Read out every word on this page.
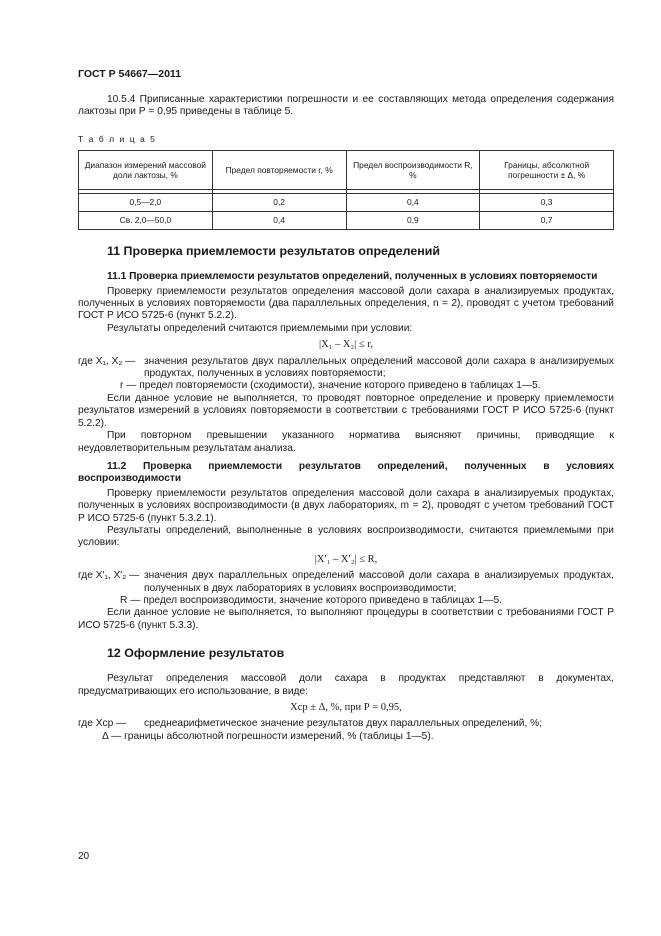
ГОСТ Р 54667—2011

10.5.4 Приписанные характеристики погрешности и ее составляющих метода определения содержания лактозы при Р = 0,95 приведены в таблице 5.

Т а б л и ц а 5
Диапазон измерений массовой доли лактозы, %	Предел повторяемости r, %	Предел воспроизводимости R, %	Границы, абсолютной погрешности ± Δ, %

0,5—2,0	0,2	0,4	0,3
Св. 2,0—50,0	0,4	0,9	0,7
11 Проверка приемлемости результатов определений
11.1 Проверка приемлемости результатов определений, полученных в условиях повторяемости

Проверку приемлемости результатов определения массовой доли сахара в анализируемых продуктах, полученных в условиях повторяемости (два параллельных определения, n = 2), проводят с учетом требований ГОСТ Р ИСО 5725-6 (пункт 5.2.2).

Результаты определений считаются приемлемыми при условии:

|X₁ – X₂| ≤ r,
где X₁, X₂ — значения результатов двух параллельных определений массовой доли сахара в анализируемых продуктах, полученных в условиях повторяемости;

r — предел повторяемости (сходимости), значение которого приведено в таблицах 1—5.

Если данное условие не выполняется, то проводят повторное определение и проверку приемлемости результатов измерений в условиях повторяемости в соответствии с требованиями ГОСТ Р ИСО 5725-6 (пункт 5.2.2).

При повторном превышении указанного норматива выясняют причины, приводящие к неудовлетворительным результатам анализа.

11.2 Проверка приемлемости результатов определений, полученных в условиях воспроизводимости

Проверку приемлемости результатов определения массовой доли сахара в анализируемых продуктах, полученных в условиях воспроизводимости (в двух лабораториях, m = 2), проводят с учетом требований ГОСТ Р ИСО 5725-6 (пункт 5.3.2.1).

Результаты определений, выполненные в условиях воспроизводимости, считаются приемлемыми при условии:

|X′₁ – X′₂| ≤ R,
где X′₁, X′₂ — значения двух параллельных определений массовой доли сахара в анализируемых продуктах, полученных в двух лабораториях в условиях воспроизводимости;

R — предел воспроизводимости, значение которого приведено в таблицах 1—5.

Если данное условие не выполняется, то выполняют процедуры в соответствии с требованиями ГОСТ Р ИСО 5725-6 (пункт 5.3.3).

12 Оформление результатов

Результат определения массовой доли сахара в продуктах представляют в документах, предусматривающих его использование, в виде:

Xср ± Δ, %, при Р = 0,95,
где Xср — среднеарифметическое значение результатов двух параллельных определений, %;

Δ — границы абсолютной погрешности измерений, % (таблицы 1—5).

20
